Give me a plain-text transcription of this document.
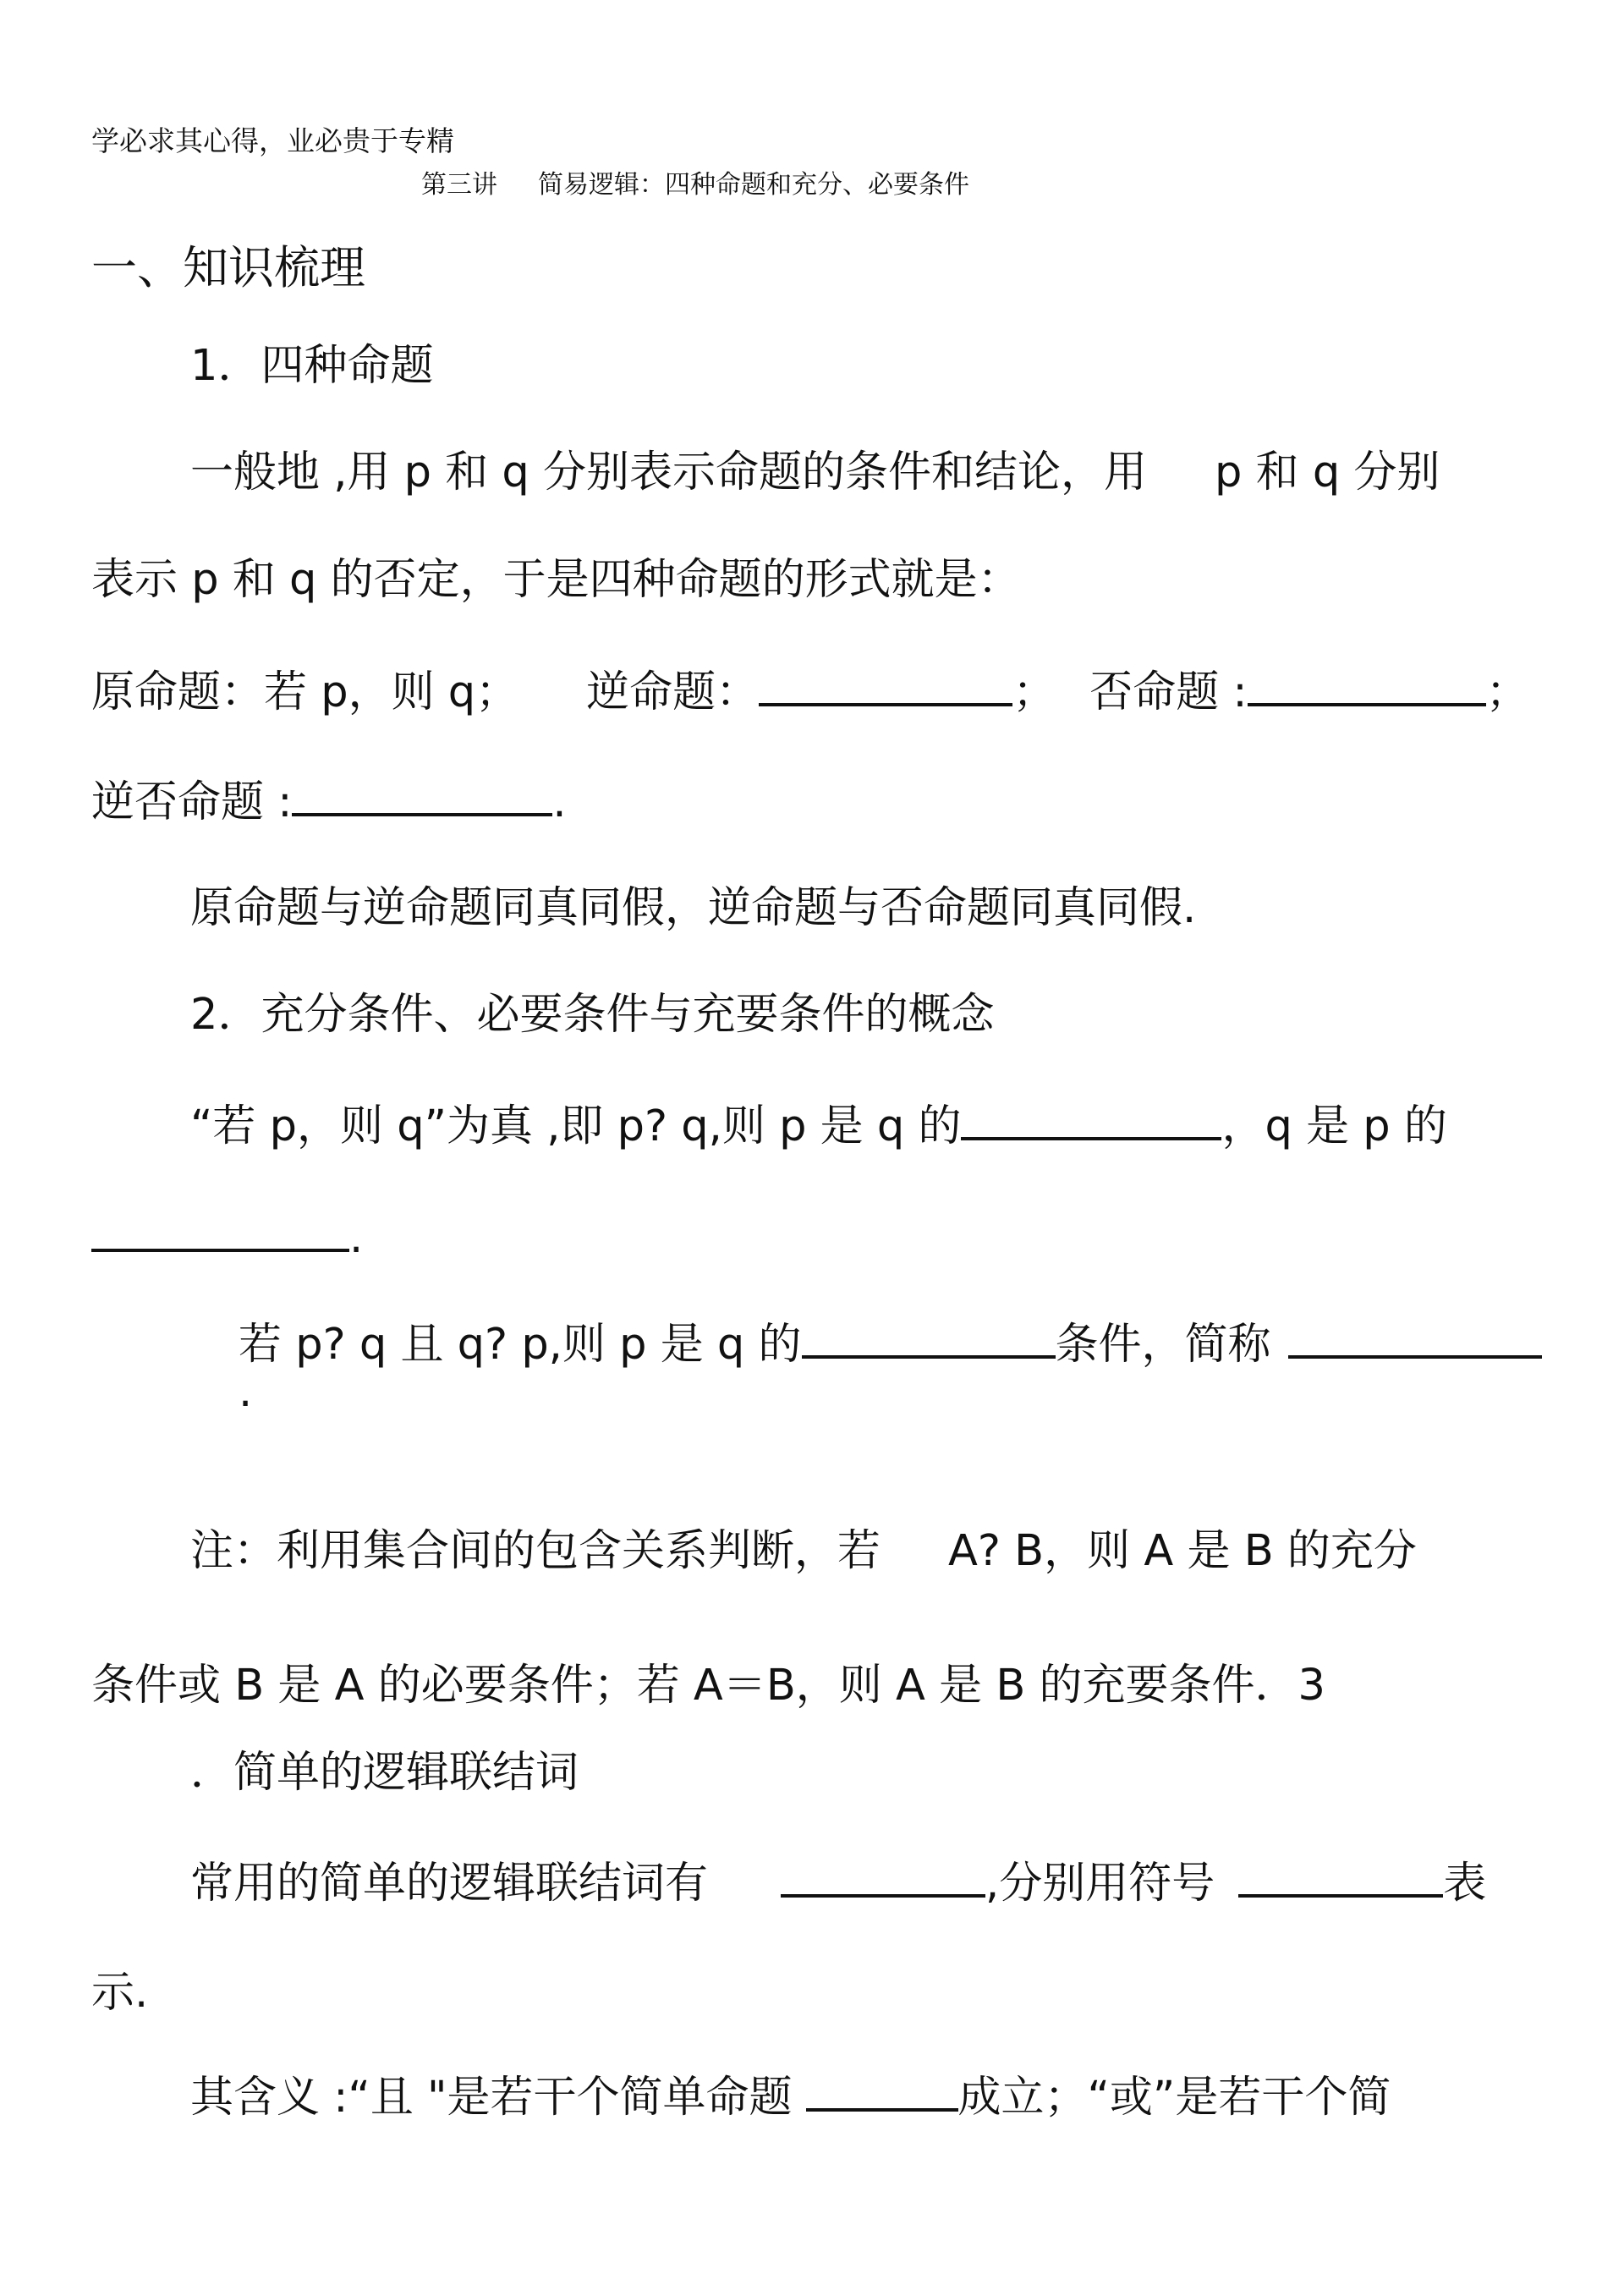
学必求其心得，业必贵于专精
第三讲 简易逻辑：四种命题和充分、必要条件
一、知识梳理
1．四种命题
一般地 ,用 p 和 q 分别表示命题的条件和结论，用 p 和 q 分别
表示 p 和 q 的否定，于是四种命题的形式就是：
原命题：若 p，则 q； 逆命题：	； 否命题 :	；
逆否命题 :	.
原命题与逆命题同真同假，逆命题与否命题同真同假.
2．充分条件、必要条件与充要条件的概念
“若 p，则 q”为真 ,即 p? q,则 p 是 q 的	，q 是 p 的
.
若 p? q 且 q? p,则 p 是 q 的	条件，简称
.
注：利用集合间的包含关系判断，若 A? B，则 A 是 B 的充分
条件或 B 是 A 的必要条件；若 A＝B，则 A 是 B 的充要条件．3
．简单的逻辑联结词
常用的简单的逻辑联结词有	,分别用符号	表
示.
其含义 :“且 "是若干个简单命题	成立；“或”是若干个简
